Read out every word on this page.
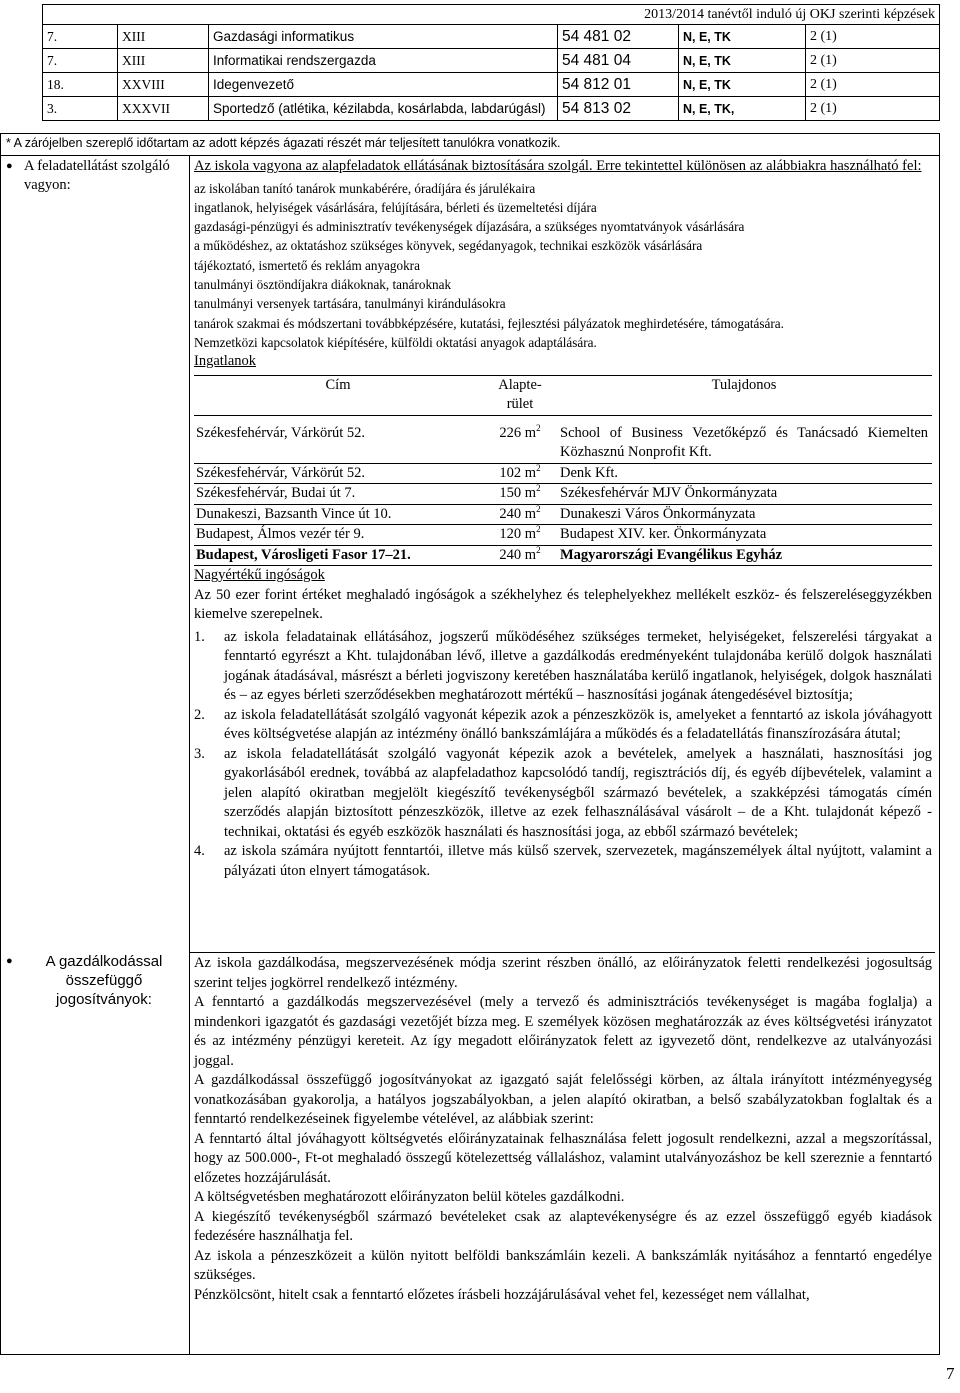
2013/2014 tanévtől induló új OKJ szerinti képzések					
7.	XIII	Gazdasági informatikus	54 481 02	N, E, TK	2 (1)
7.	XIII	Informatikai rendszergazda	54 481 04	N, E, TK	2 (1)
18.	XXVIII	Idegenvezető	54 812 01	N, E, TK	2 (1)
3.	XXXVII	Sportedző (atlétika, kézilabda, kosárlabda, labdarúgásl)	54 813 02	N, E, TK,	2 (1)
* A zárójelben szereplő időtartam az adott képzés ágazati részét már teljesített tanulókra vonatkozik.
● A feladatellátást szolgáló vagyon:
●	A gazdálkodással összefüggő jogosítványok:

Az iskola vagyona az alapfeladatok ellátásának biztosítására szolgál. Erre tekintettel különösen az alábbiakra használható fel:

az iskolában tanító tanárok munkabérére, óradíjára és járulékaira

ingatlanok, helyiségek vásárlására, felújítására, bérleti és üzemeltetési díjára

gazdasági-pénzügyi és adminisztratív tevékenységek díjazására, a szükséges nyomtatványok vásárlására

a működéshez, az oktatáshoz szükséges könyvek, segédanyagok, technikai eszközök vásárlására

tájékoztató, ismertető és reklám anyagokra

tanulmányi ösztöndíjakra diákoknak, tanároknak

tanulmányi versenyek tartására, tanulmányi kirándulásokra

tanárok szakmai és módszertani továbbképzésére, kutatási, fejlesztési pályázatok meghirdetésére, támogatására.

Nemzetközi kapcsolatok kiépítésére, külföldi oktatási anyagok adaptálására.

Ingatlanok

Cím	Alapte-rület	Tulajdonos
Székesfehérvár, Várkörút 52.	226 $m^2$	School of Business Vezetőképző és Tanácsadó Kiemelten Közhasznú Nonprofit Kft.
Székesfehérvár, Várkörút 52.	102 $m^2$	Denk Kft.
Székesfehérvár, Budai út 7.	150 $m^2$	Székesfehérvár MJV Önkormányzata
Dunakeszi, Bazsanth Vince út 10.	240 $m^2$	Dunakeszi Város Önkormányzata
Budapest, Álmos vezér tér 9.	120 $m^2$	Budapest XIV. ker. Önkormányzata
Budapest, Városligeti Fasor 17–21.	240 $m^2$	Magyarországi Evangélikus Egyház

Nagyértékű ingóságok

Az 50 ezer forint értéket meghaladó ingóságok a székhelyhez és telephelyekhez mellékelt eszköz- és felszereléseggyzékben kiemelve szerepelnek.

1. az iskola feladatainak ellátásához, jogszerű működéséhez szükséges termeket, helyiségeket, felszerelési tárgyakat a fenntartó egyrészt a Kht. tulajdonában lévő, illetve a gazdálkodás eredményeként tulajdonába kerülő dolgok használati jogának átadásával, másrészt a bérleti jogviszony keretében használatába kerülő ingatlanok, helyiségek, dolgok használati és – az egyes bérleti szerződésekben meghatározott mértékű – hasznosítási jogának átengedésével biztosítja;
2. az iskola feladatellátását szolgáló vagyonát képezik azok a pénzeszközök is, amelyeket a fenntartó az iskola jóváhagyott éves költségvetése alapján az intézmény önálló bankszámlájára a működés és a feladatellátás finanszírozására átutal;
3. az iskola feladatellátását szolgáló vagyonát képezik azok a bevételek, amelyek a használati, hasznosítási jog gyakorlásából erednek, továbbá az alapfeladathoz kapcsolódó tandíj, regisztrációs díj, és egyéb díjbevételek, valamint a jelen alapító okiratban megjelölt kiegészítő tevékenységből származó bevételek, a szakképzési támogatás címén szerződés alapján biztosított pénzeszközök, illetve az ezek felhasználásával vásárolt – de a Kht. tulajdonát képező - technikai, oktatási és egyéb eszközök használati és hasznosítási joga, az ebből származó bevételek;
4. az iskola számára nyújtott fenntartói, illetve más külső szervek, szervezetek, magánszemélyek által nyújtott, valamint a pályázati úton elnyert támogatások.

Az iskola gazdálkodása, megszervezésének módja szerint részben önálló, az előirányzatok feletti rendelkezési jogosultság szerint teljes jogkörrel rendelkező intézmény.

A fenntartó a gazdálkodás megszervezésével (mely a tervező és adminisztrációs tevékenységet is magába foglalja) a mindenkori igazgatót és gazdasági vezetőjét bízza meg. E személyek közösen meghatározzák az éves költségvetési irányzatot és az intézmény pénzügyi kereteit. Az így megadott előirányzatok felett az igyvezető dönt, rendelkezve az utalványozási joggal.

A gazdálkodással összefüggő jogosítványokat az igazgató saját felelősségi körben, az általa irányított intézményegység vonatkozásában gyakorolja, a hatályos jogszabályokban, a jelen alapító okiratban, a belső szabályzatokban foglaltak és a fenntartó rendelkezéseinek figyelembe vételével, az alábbiak szerint:

A fenntartó által jóváhagyott költségvetés előirányzatainak felhasználása felett jogosult rendelkezni, azzal a megszorítással, hogy az 500.000-, Ft-ot meghaladó összegű kötelezettség vállaláshoz, valamint utalványozáshoz be kell szereznie a fenntartó előzetes hozzájárulását.

A költségvetésben meghatározott előirányzaton belül köteles gazdálkodni.

A kiegészítő tevékenységből származó bevételeket csak az alaptevékenységre és az ezzel összefüggő egyéb kiadások fedezésére használhatja fel.

Az iskola a pénzeszközeit a külön nyitott belföldi bankszámláin kezeli. A bankszámlák nyitásához a fenntartó engedélye szükséges.

Pénzkölcsönt, hitelt csak a fenntartó előzetes írásbeli hozzájárulásával vehet fel, kezességet nem vállalhat,

7
